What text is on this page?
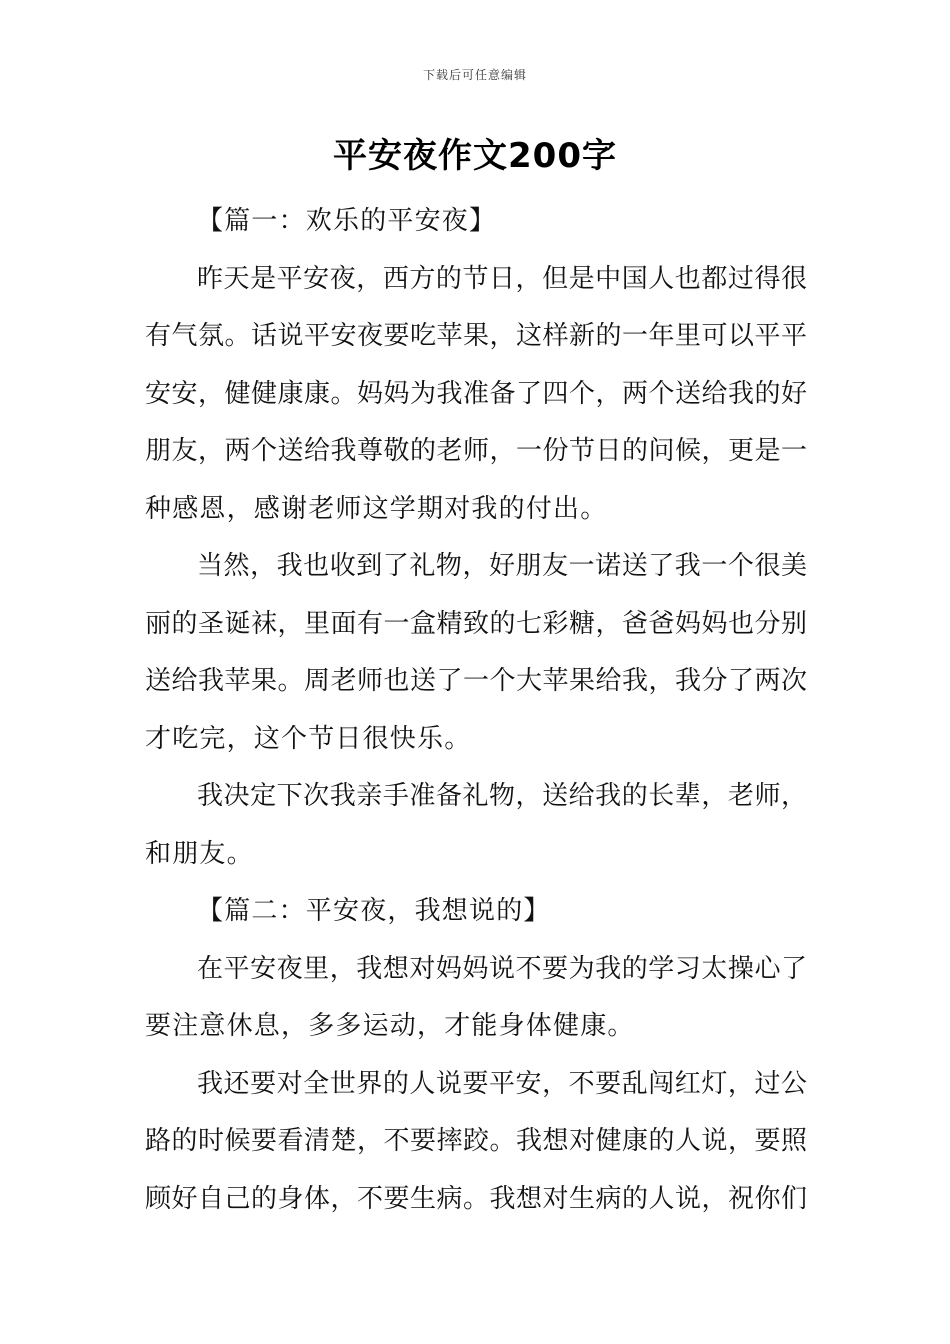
下载后可任意编辑
平安夜作文200字
【篇一：欢乐的平安夜】
昨天是平安夜，西方的节日，但是中国人也都过得很
有气氛。话说平安夜要吃苹果，这样新的一年里可以平平
安安，健健康康。妈妈为我准备了四个，两个送给我的好
朋友，两个送给我尊敬的老师，一份节日的问候，更是一
种感恩，感谢老师这学期对我的付出。
当然，我也收到了礼物，好朋友一诺送了我一个很美
丽的圣诞袜，里面有一盒精致的七彩糖，爸爸妈妈也分别
送给我苹果。周老师也送了一个大苹果给我，我分了两次
才吃完，这个节日很快乐。
我决定下次我亲手准备礼物，送给我的长辈，老师，
和朋友。
【篇二：平安夜，我想说的】
在平安夜里，我想对妈妈说不要为我的学习太操心了
要注意休息，多多运动，才能身体健康。
我还要对全世界的人说要平安，不要乱闯红灯，过公
路的时候要看清楚，不要摔跤。我想对健康的人说，要照
顾好自己的身体，不要生病。我想对生病的人说，祝你们
